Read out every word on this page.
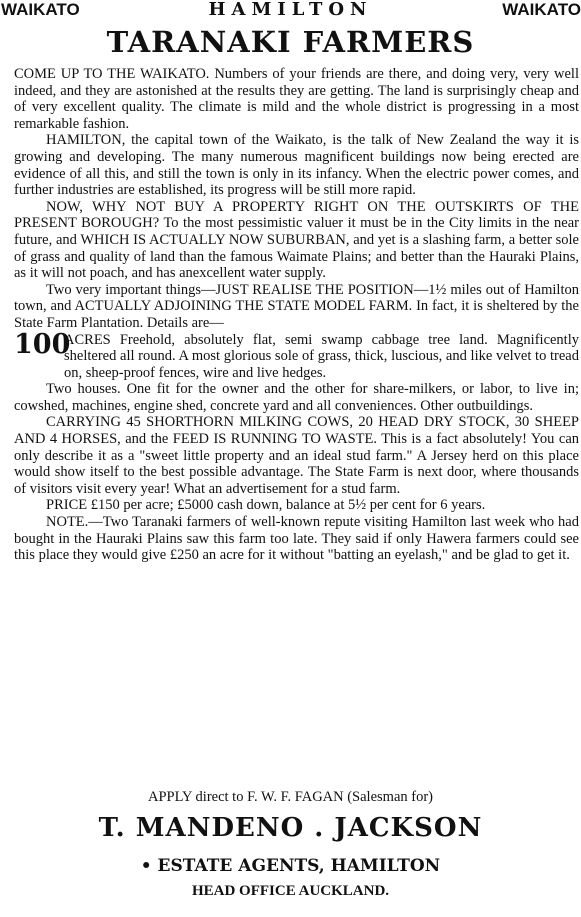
WAIKATO	HAMILTON	WAIKATO
TARANAKI FARMERS

COME UP TO THE WAIKATO. Numbers of your friends are there, and doing very, very well indeed, and they are astonished at the results they are getting. The land is surprisingly cheap and of very excellent quality. The climate is mild and the whole district is progressing in a most remarkable fashion.

HAMILTON, the capital town of the Waikato, is the talk of New Zealand the way it is growing and developing. The many numerous magnificent buildings now being erected are evidence of all this, and still the town is only in its infancy. When the electric power comes, and further industries are established, its progress will be still more rapid.

NOW, WHY NOT BUY A PROPERTY RIGHT ON THE OUTSKIRTS OF THE PRESENT BOROUGH? To the most pessimistic valuer it must be in the City limits in the near future, and WHICH IS ACTUALLY NOW SUBURBAN, and yet is a slashing farm, a better sole of grass and quality of land than the famous Waimate Plains; and better than the Hauraki Plains, as it will not poach, and has anexcellent water supply.

Two very important things—JUST REALISE THE POSITION—1½ miles out of Hamilton town, and ACTUALLY ADJOINING THE STATE MODEL FARM. In fact, it is sheltered by the State Farm Plantation. Details are—

100
ACRES Freehold, absolutely flat, semi swamp cabbage tree land. Magnificently sheltered all round. A most glorious sole of grass, thick, luscious, and like velvet to tread on, sheep-proof fences, wire and live hedges.

Two houses. One fit for the owner and the other for share-milkers, or labor, to live in; cowshed, machines, engine shed, concrete yard and all conveniences. Other outbuildings.

CARRYING 45 SHORTHORN MILKING COWS, 20 HEAD DRY STOCK, 30 SHEEP AND 4 HORSES, and the FEED IS RUNNING TO WASTE. This is a fact absolutely! You can only describe it as a "sweet little property and an ideal stud farm." A Jersey herd on this place would show itself to the best possible advantage. The State Farm is next door, where thousands of visitors visit every year! What an advertisement for a stud farm.

PRICE £150 per acre; £5000 cash down, balance at 5½ per cent for 6 years.

NOTE.—Two Taranaki farmers of well-known repute visiting Hamilton last week who had bought in the Hauraki Plains saw this farm too late. They said if only Hawera farmers could see this place they would give £250 an acre for it without "batting an eyelash," and be glad to get it.

APPLY direct to F. W. F. FAGAN (Salesman for)
T. MANDENO . JACKSON
• ESTATE AGENTS, HAMILTON
HEAD OFFICE AUCKLAND.
